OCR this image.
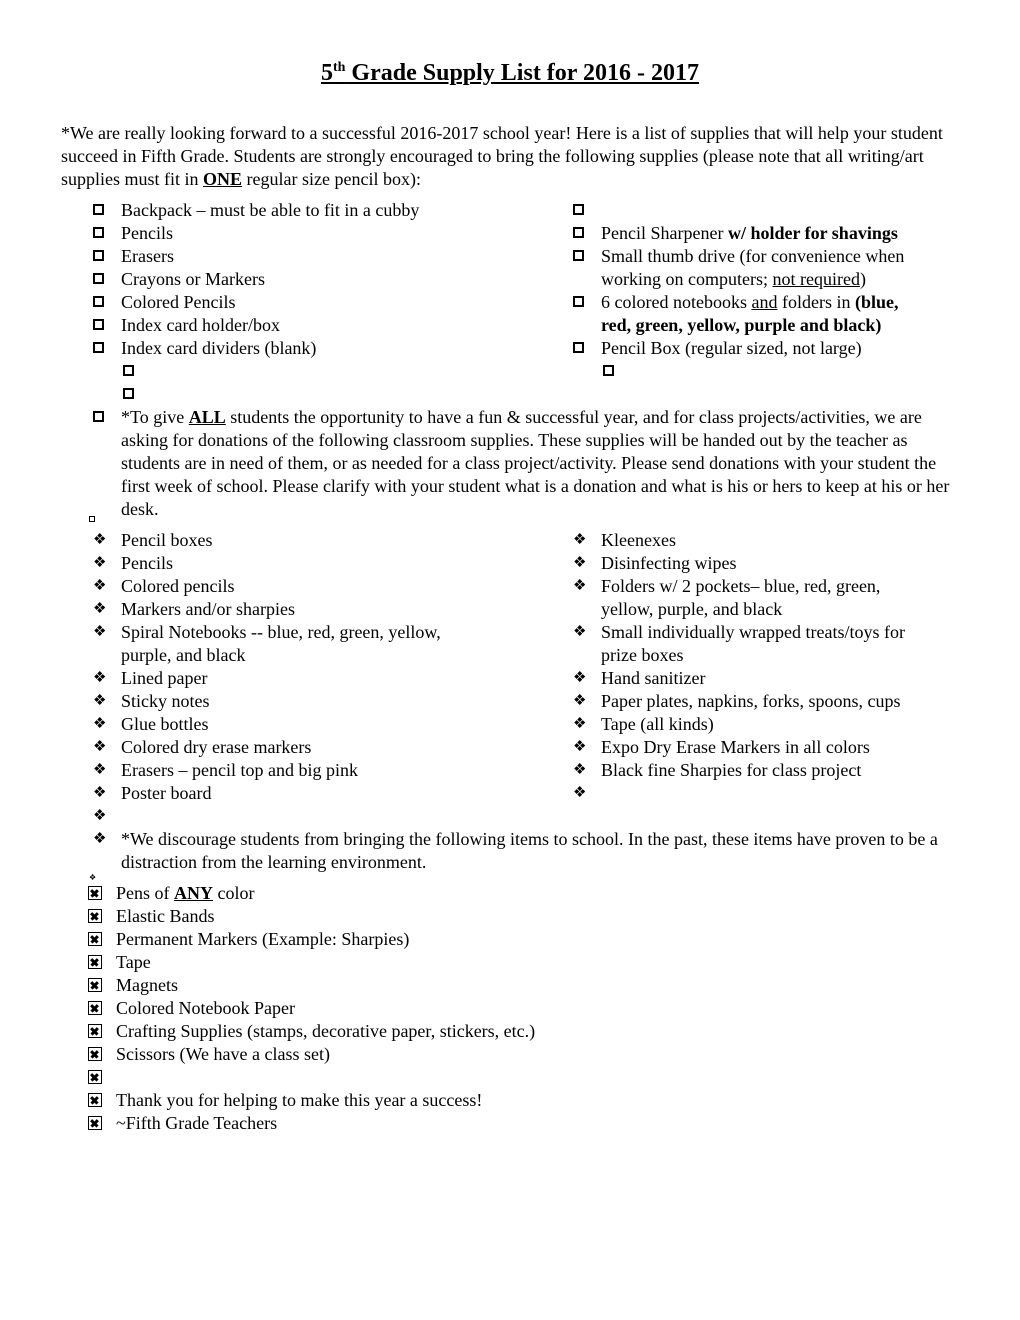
5th Grade Supply List for 2016 - 2017
*We are really looking forward to a successful 2016-2017 school year! Here is a list of supplies that will help your student succeed in Fifth Grade. Students are strongly encouraged to bring the following supplies (please note that all writing/art supplies must fit in ONE regular size pencil box):
Backpack – must be able to fit in a cubby
Pencils
Erasers
Crayons or Markers
Colored Pencils
Index card holder/box
Index card dividers (blank)
Pencil Sharpener w/ holder for shavings
Small thumb drive (for convenience when
working on computers; not required)
6 colored notebooks and folders in (blue,
red, green, yellow, purple and black)
Pencil Box (regular sized, not large)
*To give ALL students the opportunity to have a fun & successful year, and for class projects/activities, we are asking for donations of the following classroom supplies. These supplies will be handed out by the teacher as students are in need of them, or as needed for a class project/activity. Please send donations with your student the first week of school. Please clarify with your student what is a donation and what is his or hers to keep at his or her desk.
❖ Pencil boxes
❖ Pencils
❖ Colored pencils
❖ Markers and/or sharpies
❖ Spiral Notebooks -- blue, red, green, yellow,
purple, and black
❖ Lined paper
❖ Sticky notes
❖ Glue bottles
❖ Colored dry erase markers
❖ Erasers – pencil top and big pink
❖ Poster board
❖
❖ Kleenexes
❖ Disinfecting wipes
❖ Folders w/ 2 pockets– blue, red, green,
yellow, purple, and black
❖ Small individually wrapped treats/toys for
prize boxes
❖ Hand sanitizer
❖ Paper plates, napkins, forks, spoons, cups
❖ Tape (all kinds)
❖ Expo Dry Erase Markers in all colors
❖ Black fine Sharpies for class project
❖
❖ *We discourage students from bringing the following items to school. In the past, these items have proven to be a distraction from the learning environment.
❖
Pens of ANY color
Elastic Bands
Permanent Markers (Example: Sharpies)
Tape
Magnets
Colored Notebook Paper
Crafting Supplies (stamps, decorative paper, stickers, etc.)
Scissors (We have a class set)
Thank you for helping to make this year a success!
~Fifth Grade Teachers
